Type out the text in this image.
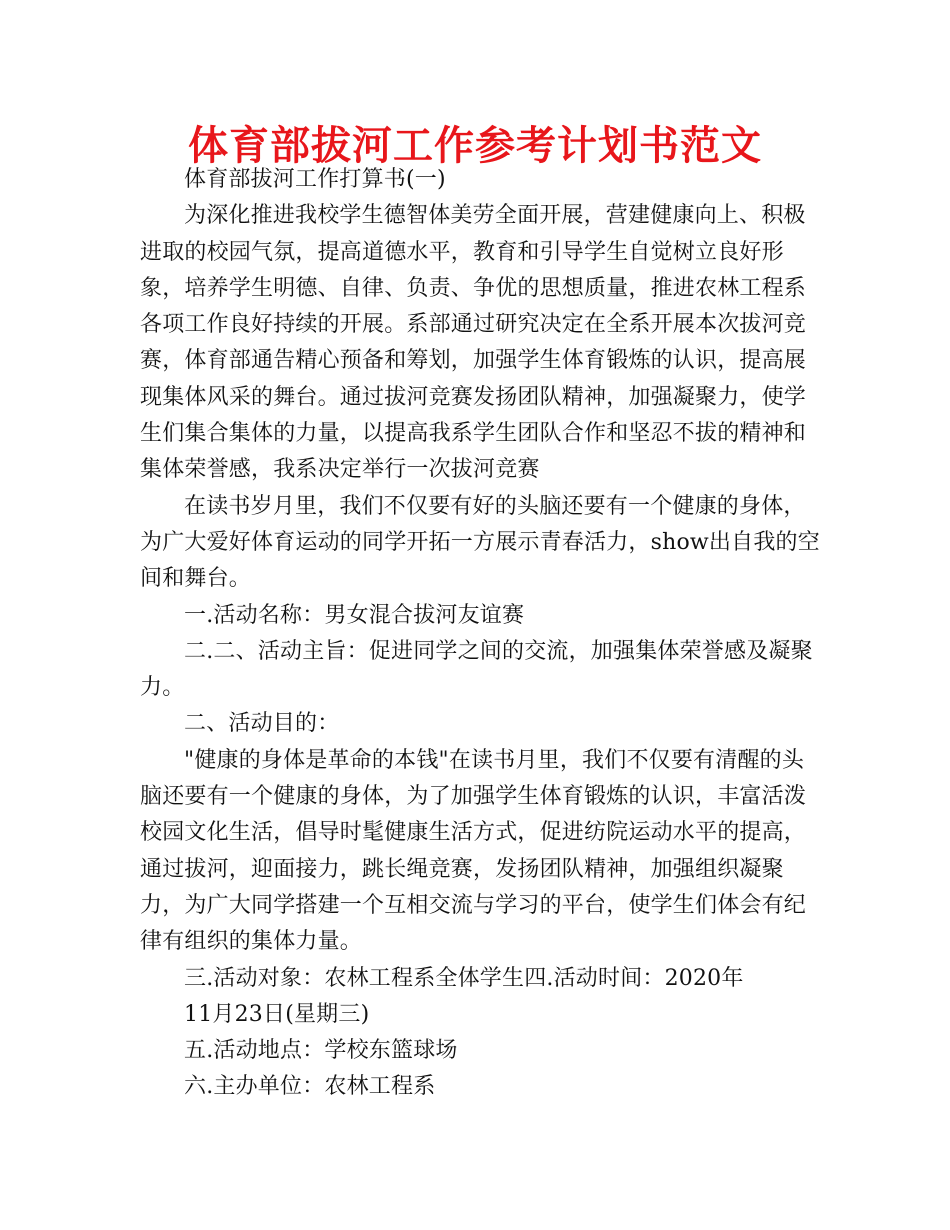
体育部拔河工作参考计划书范文

体育部拔河工作打算书(一)

为深化推进我校学生德智体美劳全面开展，营建健康向上、积极进取的校园气氛，提高道德水平，教育和引导学生自觉树立良好形象，培养学生明德、自律、负责、争优的思想质量，推进农林工程系各项工作良好持续的开展。系部通过研究决定在全系开展本次拔河竞赛，体育部通告精心预备和筹划，加强学生体育锻炼的认识，提高展现集体风采的舞台。通过拔河竞赛发扬团队精神，加强凝聚力，使学生们集合集体的力量，以提高我系学生团队合作和坚忍不拔的精神和集体荣誉感，我系决定举行一次拔河竞赛

在读书岁月里，我们不仅要有好的头脑还要有一个健康的身体，为广大爱好体育运动的同学开拓一方展示青春活力，show出自我的空间和舞台。

一.活动名称：男女混合拔河友谊赛

二.二、活动主旨：促进同学之间的交流，加强集体荣誉感及凝聚力。

二、活动目的：

"健康的身体是革命的本钱"在读书月里，我们不仅要有清醒的头脑还要有一个健康的身体，为了加强学生体育锻炼的认识，丰富活泼校园文化生活，倡导时髦健康生活方式，促进纺院运动水平的提高，通过拔河，迎面接力，跳长绳竞赛，发扬团队精神，加强组织凝聚力，为广大同学搭建一个互相交流与学习的平台，使学生们体会有纪律有组织的集体力量。

三.活动对象：农林工程系全体学生四.活动时间：2020年

11月23日(星期三)

五.活动地点：学校东篮球场

六.主办单位：农林工程系
